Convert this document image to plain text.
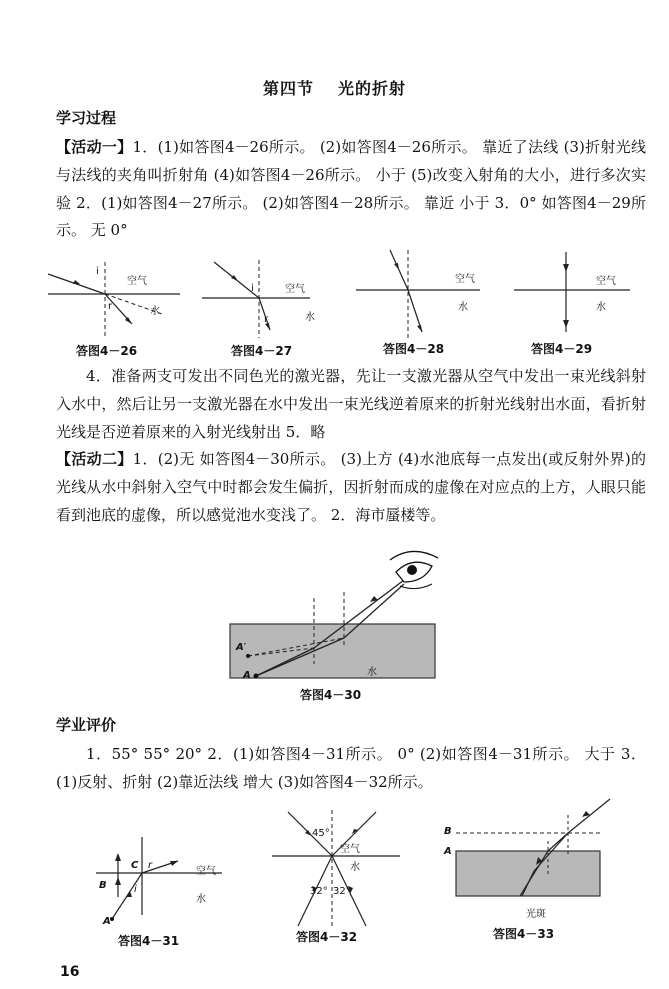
第四节 光的折射
学习过程
【活动一】1．(1)如答图4－26所示。 (2)如答图4－26所示。 靠近了法线 (3)折射光线与法线的夹角叫折射角 (4)如答图4－26所示。 小于 (5)改变入射角的大小，进行多次实验 2．(1)如答图4－27所示。 (2)如答图4－28所示。 靠近 小于 3．0° 如答图4－29所示。 无 0°
i
r
空气
水
答图4－26
i
r
空气
水
答图4－27
空气
水
答图4－28
空气
水
答图4－29
4．准备两支可发出不同色光的激光器，先让一支激光器从空气中发出一束光线斜射入水中，然后让另一支激光器在水中发出一束光线逆着原来的折射光线射出水面，看折射光线是否逆着原来的入射光线射出 5．略
【活动二】1．(2)无 如答图4－30所示。 (3)上方 (4)水池底每一点发出(或反射外界)的光线从水中斜射入空气中时都会发生偏折，因折射而成的虚像在对应点的上方，人眼只能看到池底的虚像，所以感觉池水变浅了。 2．海市蜃楼等。
A′
A	水
答图4－30
学业评价
1．55° 55° 20° 2．(1)如答图4－31所示。 0° (2)如答图4－31所示。 大于 3．(1)反射、折射 (2)靠近法线 增大 (3)如答图4－32所示。
A
B
C r
i
空气
水
答图4－31
45°
空气
水
32° 32°
答图4－32
B
A
光斑
答图4－33
16
